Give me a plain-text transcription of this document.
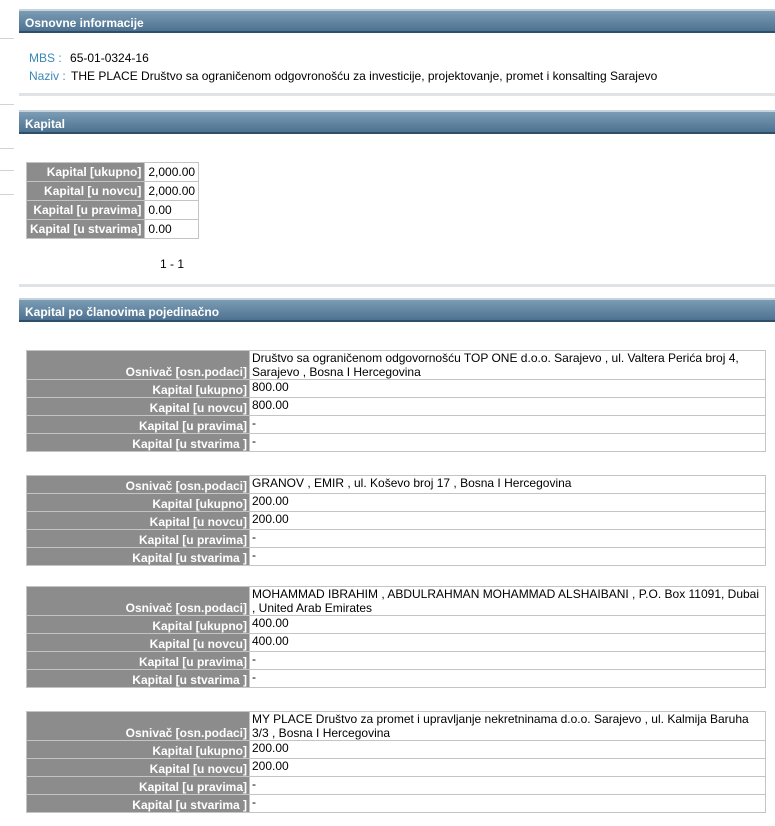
Osnovne informacije
MBS : 65-01-0324-16
Naziv : THE PLACE Društvo sa ograničenom odgovronošću za investicije, projektovanje, promet i konsalting Sarajevo
Kapital
Kapital [ukupno]	2,000.00
Kapital [u novcu]	2,000.00
Kapital [u pravima]	0.00
Kapital [u stvarima]	0.00
1 - 1
Kapital po članovima pojedinačno
Osnivač [osn.podaci]	Društvo sa ograničenom odgovornošću TOP ONE d.o.o. Sarajevo , ul. Valtera Perića broj 4, Sarajevo , Bosna I Hercegovina
Kapital [ukupno]	800.00
Kapital [u novcu]	800.00
Kapital [u pravima]	-
Kapital [u stvarima ]	-
Osnivač [osn.podaci]	GRANOV , EMIR , ul. Koševo broj 17 , Bosna I Hercegovina
Kapital [ukupno]	200.00
Kapital [u novcu]	200.00
Kapital [u pravima]	-
Kapital [u stvarima ]	-
Osnivač [osn.podaci]	MOHAMMAD IBRAHIM , ABDULRAHMAN MOHAMMAD ALSHAIBANI , P.O. Box 11091, Dubai , United Arab Emirates
Kapital [ukupno]	400.00
Kapital [u novcu]	400.00
Kapital [u pravima]	-
Kapital [u stvarima ]	-
Osnivač [osn.podaci]	MY PLACE Društvo za promet i upravljanje nekretninama d.o.o. Sarajevo , ul. Kalmija Baruha 3/3 , Bosna I Hercegovina
Kapital [ukupno]	200.00
Kapital [u novcu]	200.00
Kapital [u pravima]	-
Kapital [u stvarima ]	-
